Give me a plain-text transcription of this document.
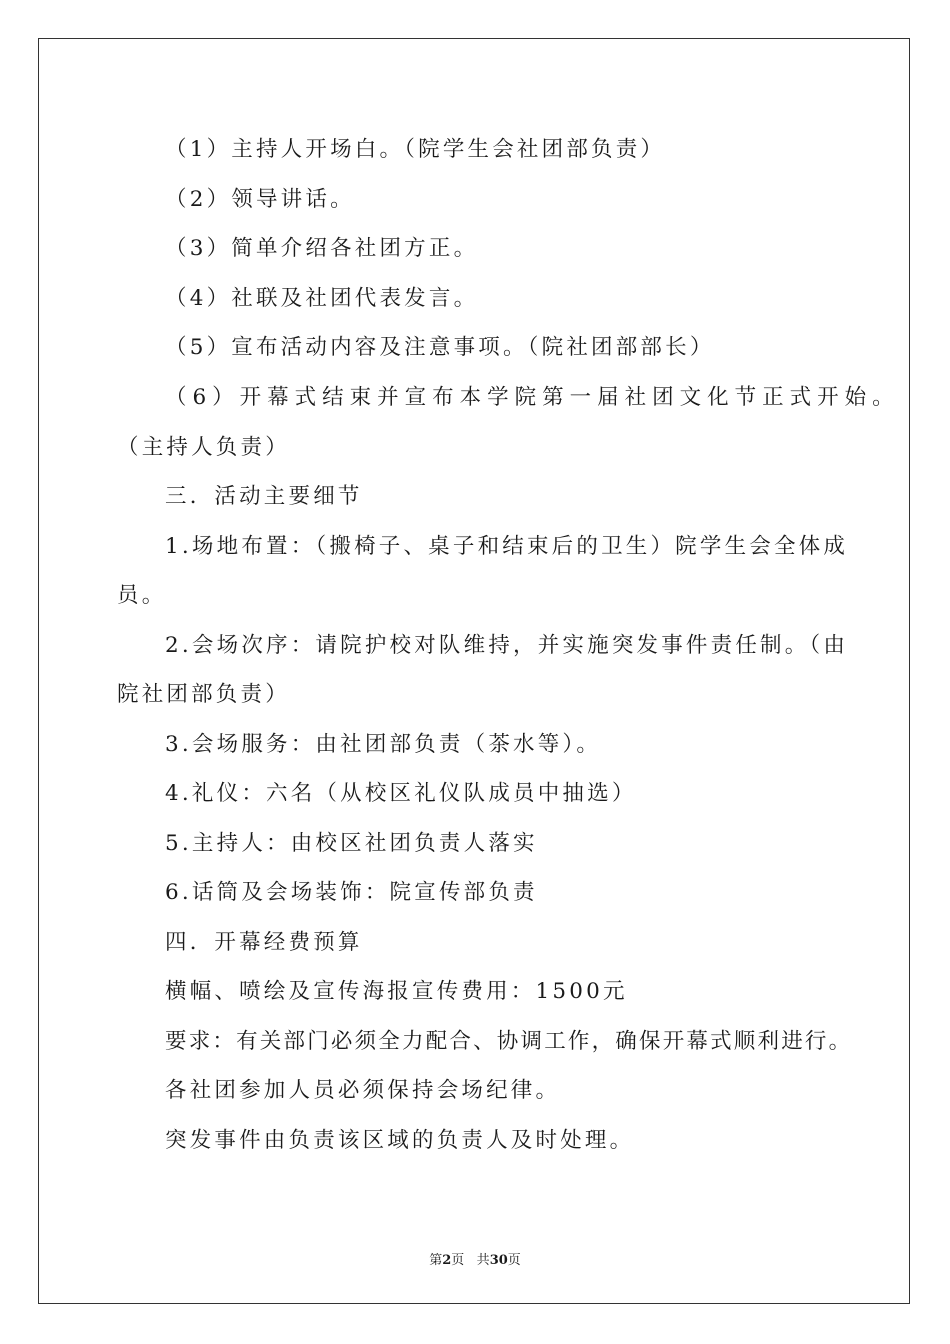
（1）主持人开场白。（院学生会社团部负责）
（2）领导讲话。
（3）简单介绍各社团方正。
（4）社联及社团代表发言。
（5）宣布活动内容及注意事项。（院社团部部长）
（6）开幕式结束并宣布本学院第一届社团文化节正式开始。
（主持人负责）
三．活动主要细节
1.场地布置：（搬椅子、桌子和结束后的卫生）院学生会全体成
员。
2.会场次序：请院护校对队维持，并实施突发事件责任制。（由
院社团部负责）
3.会场服务：由社团部负责（茶水等）。
4.礼仪：六名（从校区礼仪队成员中抽选）
5.主持人：由校区社团负责人落实
6.话筒及会场装饰：院宣传部负责
四．开幕经费预算
横幅、喷绘及宣传海报宣传费用：1500元
要求：有关部门必须全力配合、协调工作，确保开幕式顺利进行。
各社团参加人员必须保持会场纪律。
突发事件由负责该区域的负责人及时处理。
第2页 共30页
